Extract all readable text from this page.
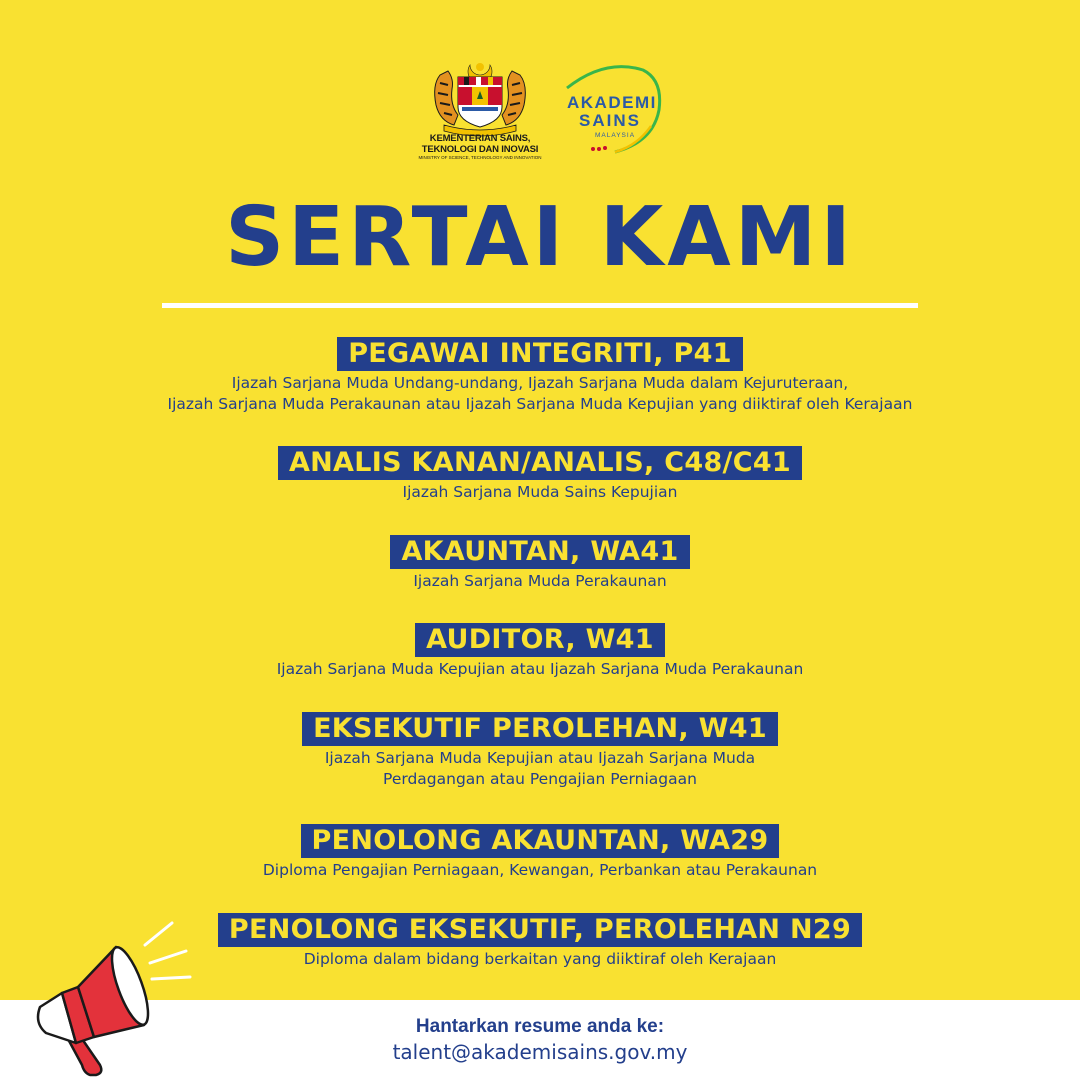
KEMENTERIAN SAINS,
TEKNOLOGI DAN INOVASI
MINISTRY OF SCIENCE, TECHNOLOGY AND INNOVATION
AKADEMI
SAINS
MALAYSIA
SERTAI KAMI
PEGAWAI INTEGRITI, P41
Ijazah Sarjana Muda Undang-undang, Ijazah Sarjana Muda dalam Kejuruteraan,
Ijazah Sarjana Muda Perakaunan atau Ijazah Sarjana Muda Kepujian yang diiktiraf oleh Kerajaan
ANALIS KANAN/ANALIS, C48/C41
Ijazah Sarjana Muda Sains Kepujian
AKAUNTAN, WA41
Ijazah Sarjana Muda Perakaunan
AUDITOR, W41
Ijazah Sarjana Muda Kepujian atau Ijazah Sarjana Muda Perakaunan
EKSEKUTIF PEROLEHAN, W41
Ijazah Sarjana Muda Kepujian atau Ijazah Sarjana Muda
Perdagangan atau Pengajian Perniagaan
PENOLONG AKAUNTAN, WA29
Diploma Pengajian Perniagaan, Kewangan, Perbankan atau Perakaunan
PENOLONG EKSEKUTIF, PEROLEHAN N29
Diploma dalam bidang berkaitan yang diiktiraf oleh Kerajaan
Hantarkan resume anda ke:
talent@akademisains.gov.my
